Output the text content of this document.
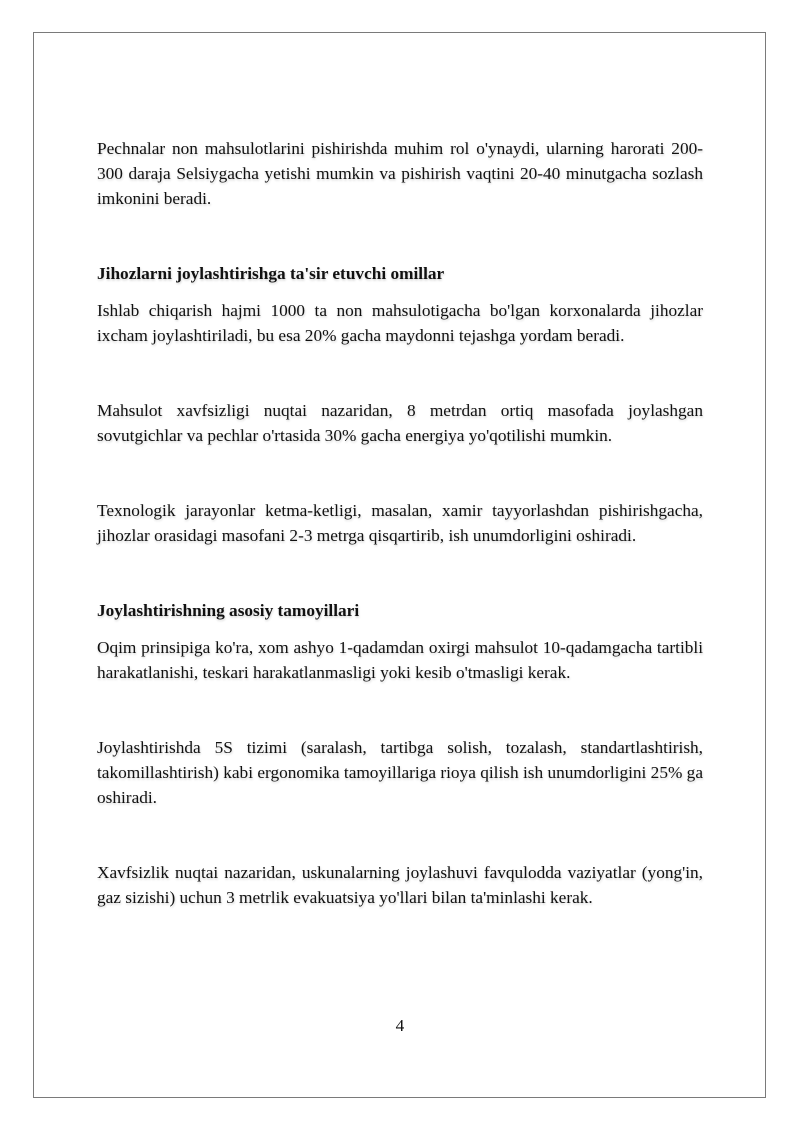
Pechnalar non mahsulotlarini pishirishda muhim rol o'ynaydi, ularning harorati 200-300 daraja Selsiygacha yetishi mumkin va pishirish vaqtini 20-40 minutgacha sozlash imkonini beradi.

Jihozlarni joylashtirishga ta'sir etuvchi omillar

Ishlab chiqarish hajmi 1000 ta non mahsulotigacha bo'lgan korxonalarda jihozlar ixcham joylashtiriladi, bu esa 20% gacha maydonni tejashga yordam beradi.

Mahsulot xavfsizligi nuqtai nazaridan, 8 metrdan ortiq masofada joylashgan sovutgichlar va pechlar o'rtasida 30% gacha energiya yo'qotilishi mumkin.

Texnologik jarayonlar ketma-ketligi, masalan, xamir tayyorlashdan pishirishgacha, jihozlar orasidagi masofani 2-3 metrga qisqartirib, ish unumdorligini oshiradi.

Joylashtirishning asosiy tamoyillari

Oqim prinsipiga ko'ra, xom ashyo 1-qadamdan oxirgi mahsulot 10-qadamgacha tartibli harakatlanishi, teskari harakatlanmasligi yoki kesib o'tmasligi kerak.

Joylashtirishda 5S tizimi (saralash, tartibga solish, tozalash, standartlashtirish, takomillashtirish) kabi ergonomika tamoyillariga rioya qilish ish unumdorligini 25% ga oshiradi.

Xavfsizlik nuqtai nazaridan, uskunalarning joylashuvi favqulodda vaziyatlar (yong'in, gaz sizishi) uchun 3 metrlik evakuatsiya yo'llari bilan ta'minlashi kerak.

4
